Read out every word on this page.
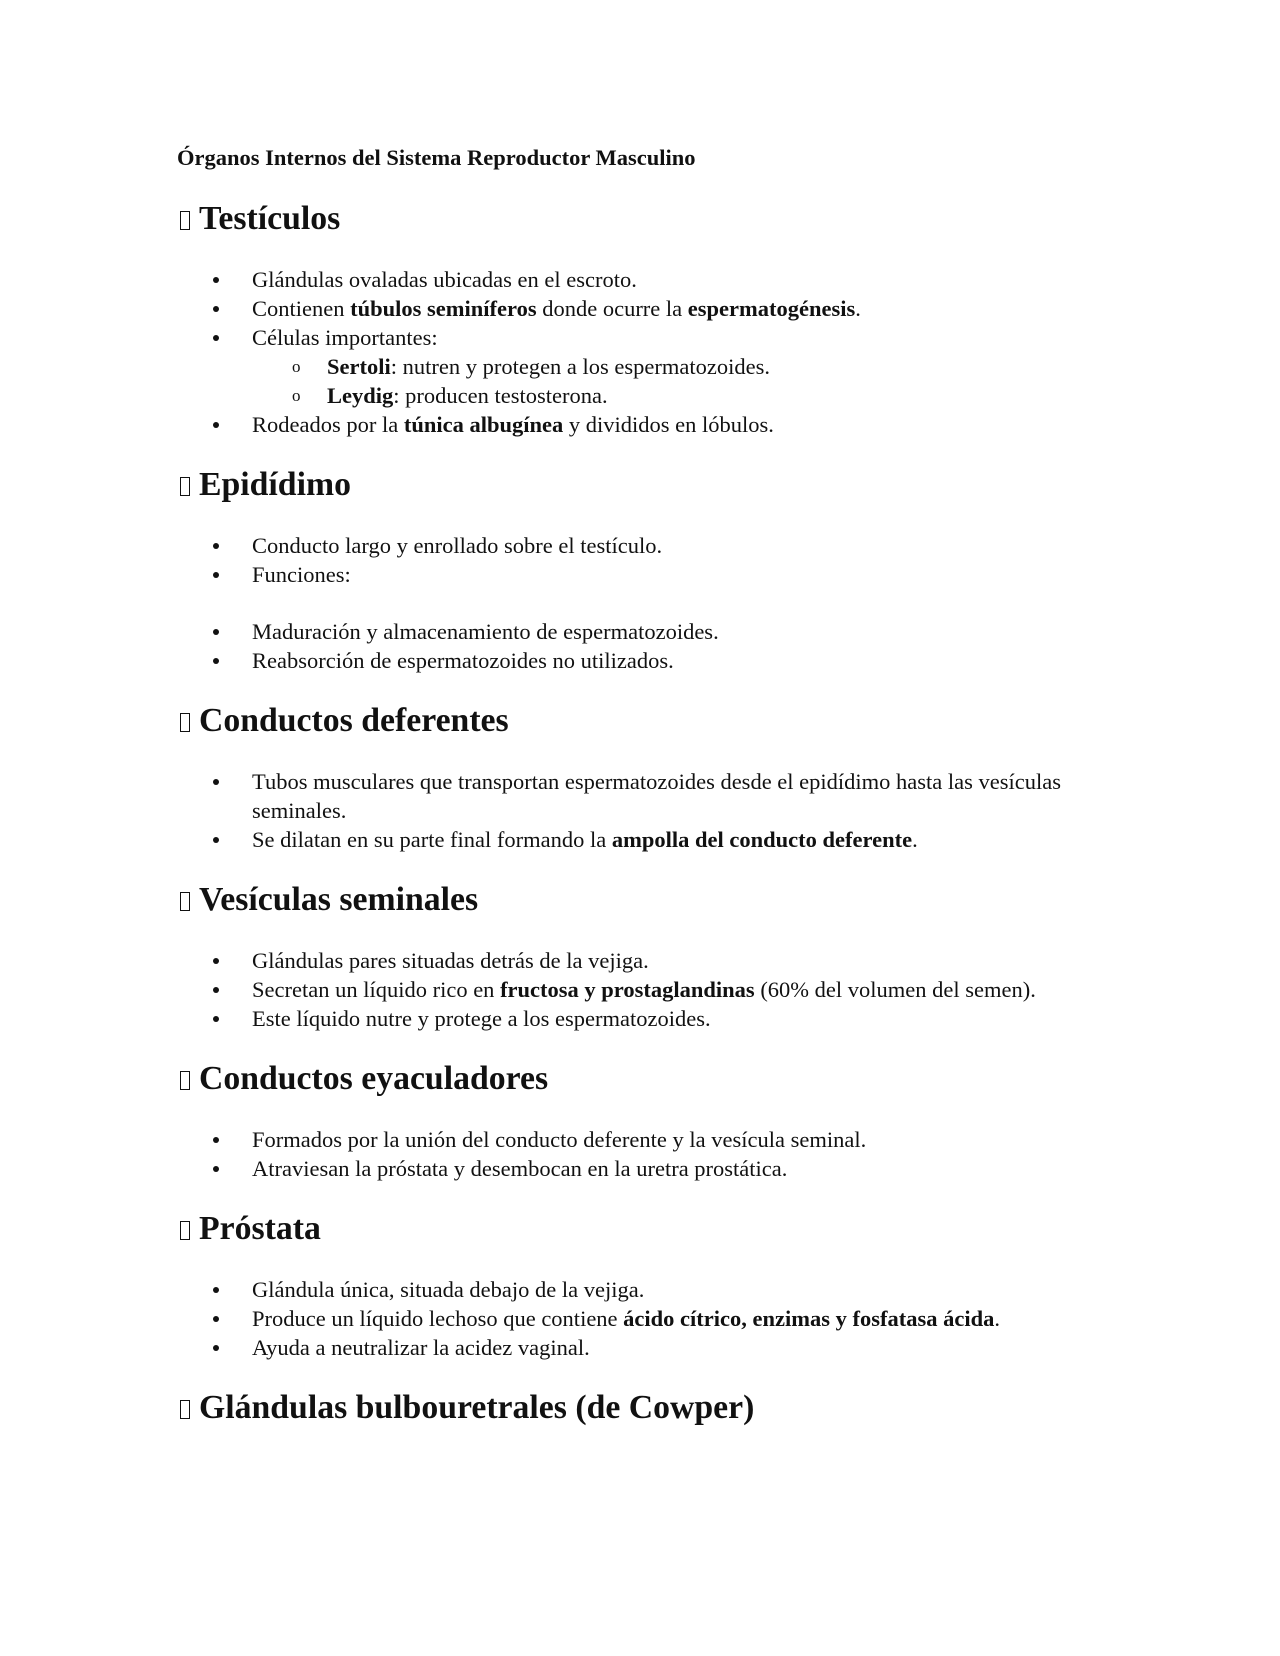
Órganos Internos del Sistema Reproductor Masculino
Testículos
Glándulas ovaladas ubicadas en el escroto.
Contienen túbulos seminíferos donde ocurre la espermatogénesis.
Células importantes:
o Sertoli: nutren y protegen a los espermatozoides.
o Leydig: producen testosterona.
Rodeados por la túnica albugínea y divididos en lóbulos.
Epidídimo
Conducto largo y enrollado sobre el testículo.
Funciones:
Maduración y almacenamiento de espermatozoides.
Reabsorción de espermatozoides no utilizados.
Conductos deferentes
Tubos musculares que transportan espermatozoides desde el epidídimo hasta las vesículas seminales.
Se dilatan en su parte final formando la ampolla del conducto deferente.
Vesículas seminales
Glándulas pares situadas detrás de la vejiga.
Secretan un líquido rico en fructosa y prostaglandinas (60% del volumen del semen).
Este líquido nutre y protege a los espermatozoides.
Conductos eyaculadores
Formados por la unión del conducto deferente y la vesícula seminal.
Atraviesan la próstata y desembocan en la uretra prostática.
Próstata
Glándula única, situada debajo de la vejiga.
Produce un líquido lechoso que contiene ácido cítrico, enzimas y fosfatasa ácida.
Ayuda a neutralizar la acidez vaginal.
Glándulas bulbouretrales (de Cowper)
